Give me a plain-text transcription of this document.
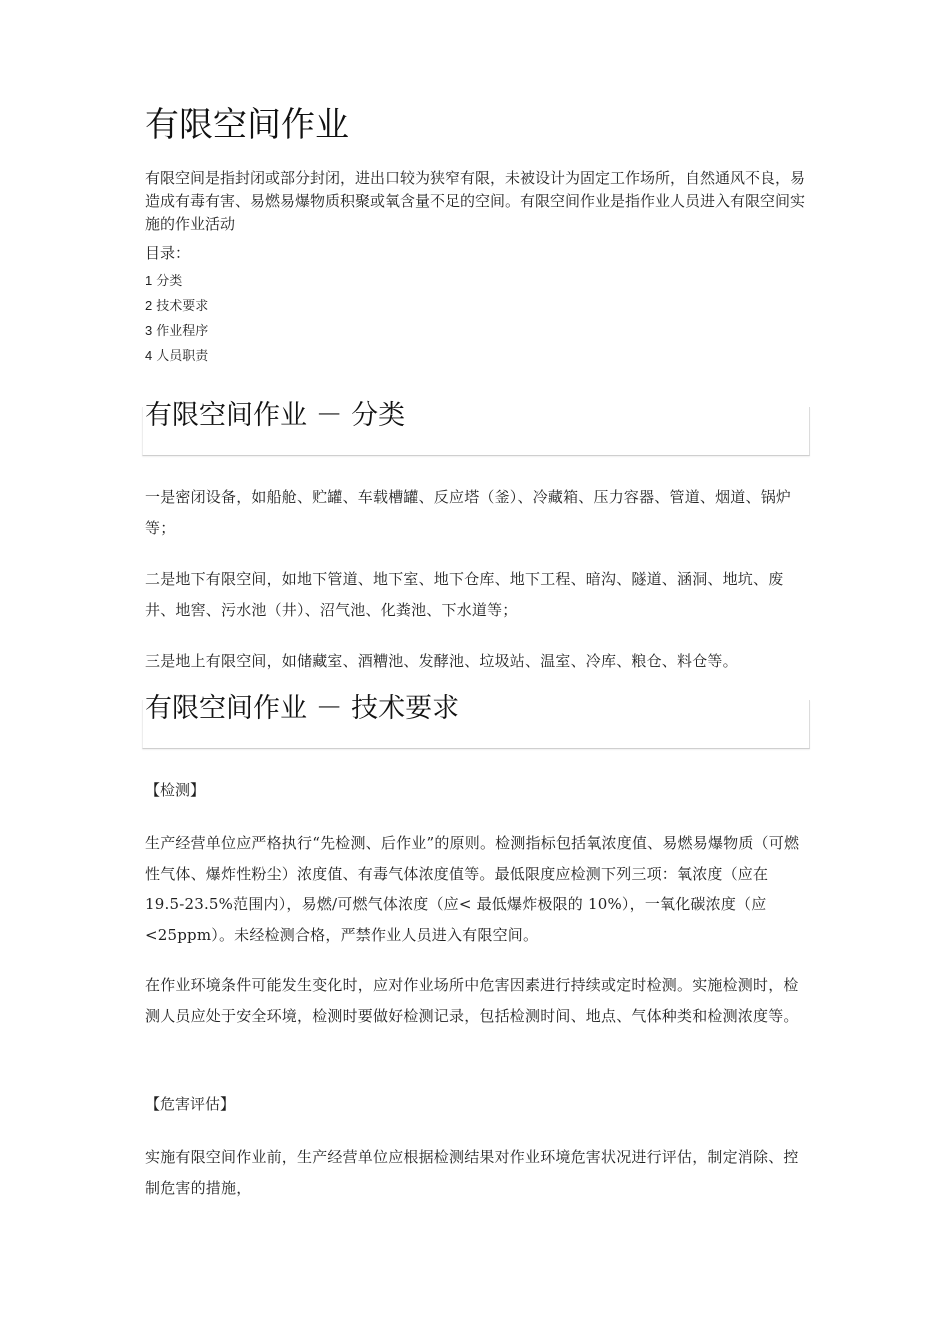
有限空间作业

有限空间是指封闭或部分封闭，进出口较为狭窄有限，未被设计为固定工作场所，自然通风不良，易造成有毒有害、易燃易爆物质积聚或氧含量不足的空间。有限空间作业是指作业人员进入有限空间实施的作业活动

目录：

1 分类
2 技术要求
3 作业程序
4 人员职责
有限空间作业 － 分类

一是密闭设备，如船舱、贮罐、车载槽罐、反应塔（釜）、冷藏箱、压力容器、管道、烟道、锅炉等；

二是地下有限空间，如地下管道、地下室、地下仓库、地下工程、暗沟、隧道、涵洞、地坑、废井、地窖、污水池（井）、沼气池、化粪池、下水道等；

三是地上有限空间，如储藏室、酒糟池、发酵池、垃圾站、温室、冷库、粮仓、料仓等。

有限空间作业 － 技术要求

【检测】

生产经营单位应严格执行“先检测、后作业”的原则。检测指标包括氧浓度值、易燃易爆物质（可燃性气体、爆炸性粉尘）浓度值、有毒气体浓度值等。最低限度应检测下列三项：氧浓度（应在 19.5-23.5%范围内），易燃/可燃气体浓度（应< 最低爆炸极限的 10%），一氧化碳浓度（应<25ppm）。未经检测合格，严禁作业人员进入有限空间。

在作业环境条件可能发生变化时，应对作业场所中危害因素进行持续或定时检测。实施检测时，检测人员应处于安全环境，检测时要做好检测记录，包括检测时间、地点、气体种类和检测浓度等。

【危害评估】

实施有限空间作业前，生产经营单位应根据检测结果对作业环境危害状况进行评估，制定消除、控制危害的措施，
